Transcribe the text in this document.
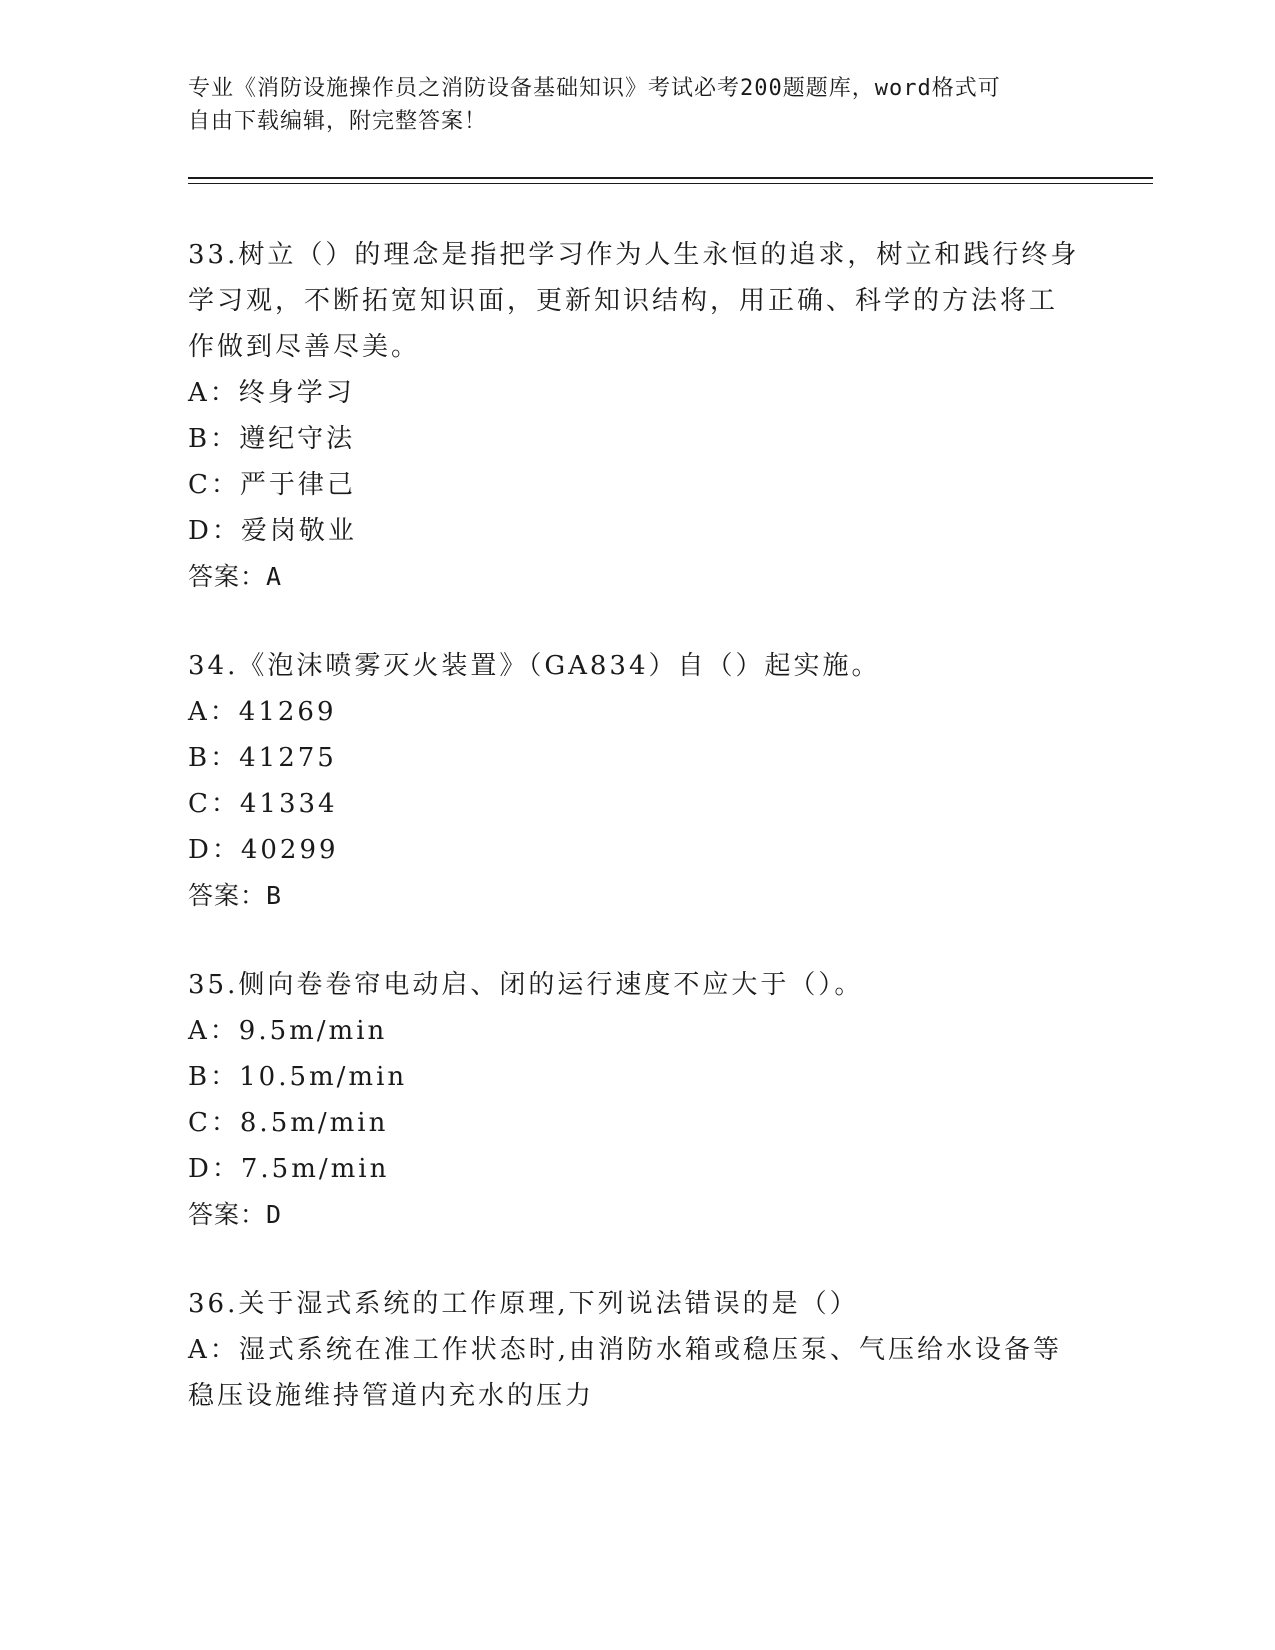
专业《消防设施操作员之消防设备基础知识》考试必考200题题库，word格式可
自由下载编辑，附完整答案！
33.树立（）的理念是指把学习作为人生永恒的追求，树立和践行终身
学习观，不断拓宽知识面，更新知识结构，用正确、科学的方法将工
作做到尽善尽美。
A：终身学习
B：遵纪守法
C：严于律己
D：爱岗敬业
答案：A
34.《泡沫喷雾灭火装置》（GA834）自（）起实施。
A：41269
B：41275
C：41334
D：40299
答案：B
35.侧向卷卷帘电动启、闭的运行速度不应大于（）。
A：9.5m/min
B：10.5m/min
C：8.5m/min
D：7.5m/min
答案：D
36.关于湿式系统的工作原理,下列说法错误的是（）
A：湿式系统在准工作状态时,由消防水箱或稳压泵、气压给水设备等
稳压设施维持管道内充水的压力
